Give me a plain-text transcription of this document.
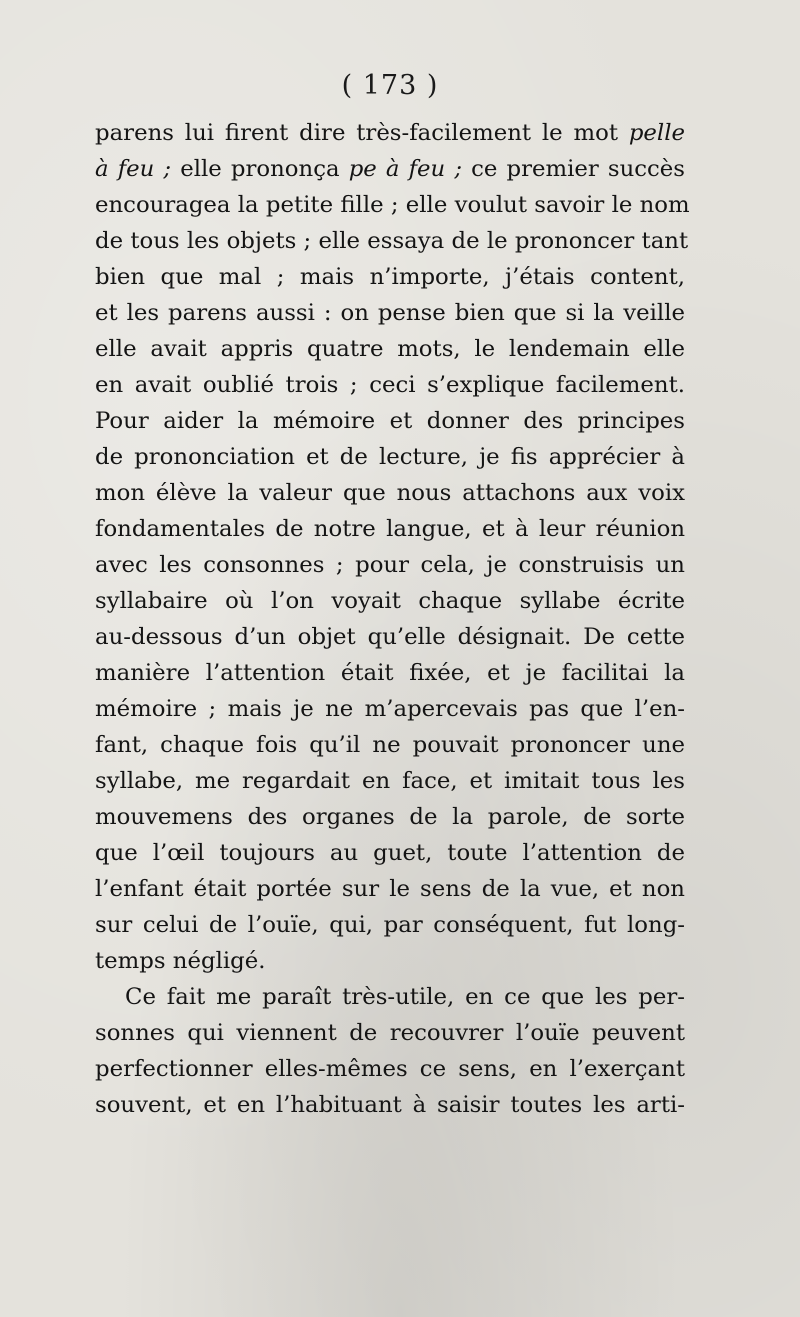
( 173 )
parens lui firent dire très-facilement le mot pelle
à feu ; elle prononça pe à feu ; ce premier succès
encouragea la petite fille ; elle voulut savoir le nom
de tous les objets ; elle essaya de le prononcer tant
bien que mal ; mais n’importe, j’étais content,
et les parens aussi : on pense bien que si la veille
elle avait appris quatre mots, le lendemain elle
en avait oublié trois ; ceci s’explique facilement.
Pour aider la mémoire et donner des principes
de prononciation et de lecture, je fis apprécier à
mon élève la valeur que nous attachons aux voix
fondamentales de notre langue, et à leur réunion
avec les consonnes ; pour cela, je construisis un
syllabaire où l’on voyait chaque syllabe écrite
au-dessous d’un objet qu’elle désignait. De cette
manière l’attention était fixée, et je facilitai la
mémoire ; mais je ne m’apercevais pas que l’en-
fant, chaque fois qu’il ne pouvait prononcer une
syllabe, me regardait en face, et imitait tous les
mouvemens des organes de la parole, de sorte
que l’œil toujours au guet, toute l’attention de
l’enfant était portée sur le sens de la vue, et non
sur celui de l’ouïe, qui, par conséquent, fut long-
temps négligé.
Ce fait me paraît très-utile, en ce que les per-
sonnes qui viennent de recouvrer l’ouïe peuvent
perfectionner elles-mêmes ce sens, en l’exerçant
souvent, et en l’habituant à saisir toutes les arti-
